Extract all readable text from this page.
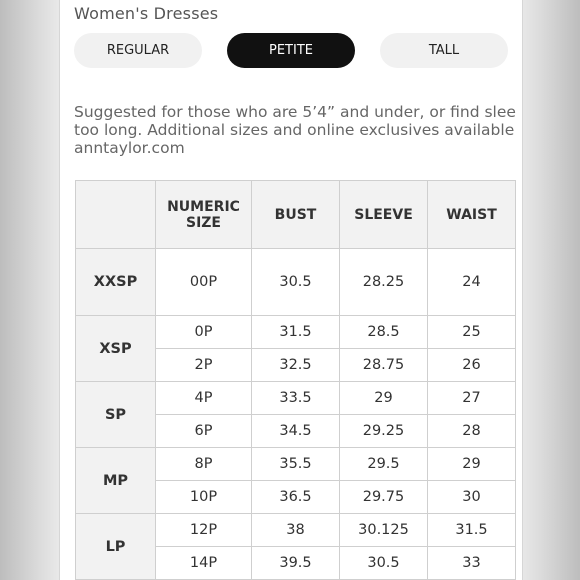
Women's Dresses
REGULAR	PETITE	TALL
Suggested for those who are 5’4” and under, or find slee
too long. Additional sizes and online exclusives available
anntaylor.com
	NUMERIC SIZE	BUST	SLEEVE	WAIST
XXSP	00P	30.5	28.25	24
XSP	0P	31.5	28.5	25
	2P	32.5	28.75	26
SP	4P	33.5	29	27
	6P	34.5	29.25	28
MP	8P	35.5	29.5	29
	10P	36.5	29.75	30
LP	12P	38	30.125	31.5
	14P	39.5	30.5	33
